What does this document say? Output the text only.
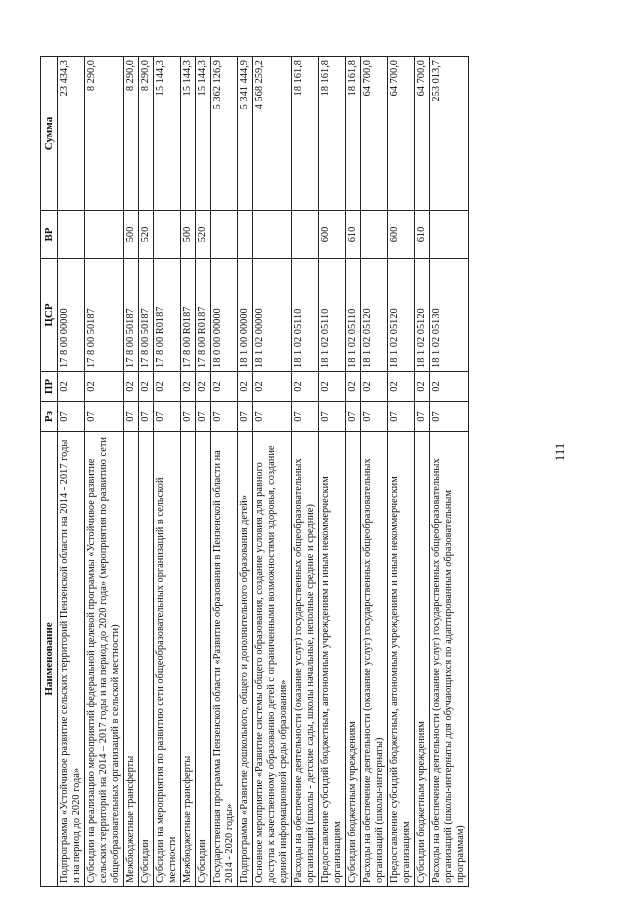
111
Наименование	Рз	ПР	ЦСР	ВР	Сумма
Подпрограмма «Устойчивое развитие сельских территорий Пензенской области на 2014 - 2017 годы и на период до 2020 года»	07	02	17 8 00 00000		23 434,3
Субсидии на реализацию мероприятий федеральной целевой программы «Устойчивое развитие сельских территорий на 2014 – 2017 годы и на период до 2020 года» (мероприятия по развитию сети общеобразовательных организаций в сельской местности)	07	02	17 8 00 50187		8 290,0
Межбюджетные трансферты	07	02	17 8 00 50187	500	8 290,0
Субсидии	07	02	17 8 00 50187	520	8 290,0
Субсидии на мероприятия по развитию сети общеобразовательных организаций в сельской местности	07	02	17 8 00 R0187		15 144,3
Межбюджетные трансферты	07	02	17 8 00 R0187	500	15 144,3
Субсидии	07	02	17 8 00 R0187	520	15 144,3
Государственная программа Пензенской области «Развитие образования в Пензенской области на 2014 - 2020 годы»	07	02	18 0 00 00000		5 362 126,9
Подпрограмма «Развитие дошкольного, общего и дополнительного образования детей»	07	02	18 1 00 00000		5 341 444,9
Основное мероприятие «Развитие системы общего образования, создание условия для равного доступа к качественному образованию детей с ограниченными возможностями здоровья, создание единой информационной среды образования»	07	02	18 1 02 00000		4 568 259,2
Расходы на обеспечение деятельности (оказание услуг) государственных общеобразовательных организаций (школы - детские сады, школы начальные, неполные средние и средние)	07	02	18 1 02 05110		18 161,8
Предоставление субсидий бюджетным, автономным учреждениям и иным некоммерческим организациям	07	02	18 1 02 05110	600	18 161,8
Субсидии бюджетным учреждениям	07	02	18 1 02 05110	610	18 161,8
Расходы на обеспечение деятельности (оказание услуг) государственных общеобразовательных организаций (школы-интернаты)	07	02	18 1 02 05120		64 700,0
Предоставление субсидий бюджетным, автономным учреждениям и иным некоммерческим организациям	07	02	18 1 02 05120	600	64 700,0
Субсидии бюджетным учреждениям	07	02	18 1 02 05120	610	64 700,0
Расходы на обеспечение деятельности (оказание услуг) государственных общеобразовательных организаций (школы-интернаты для обучающихся по адаптированным образовательным программам)	07	02	18 1 02 05130		253 013,7
